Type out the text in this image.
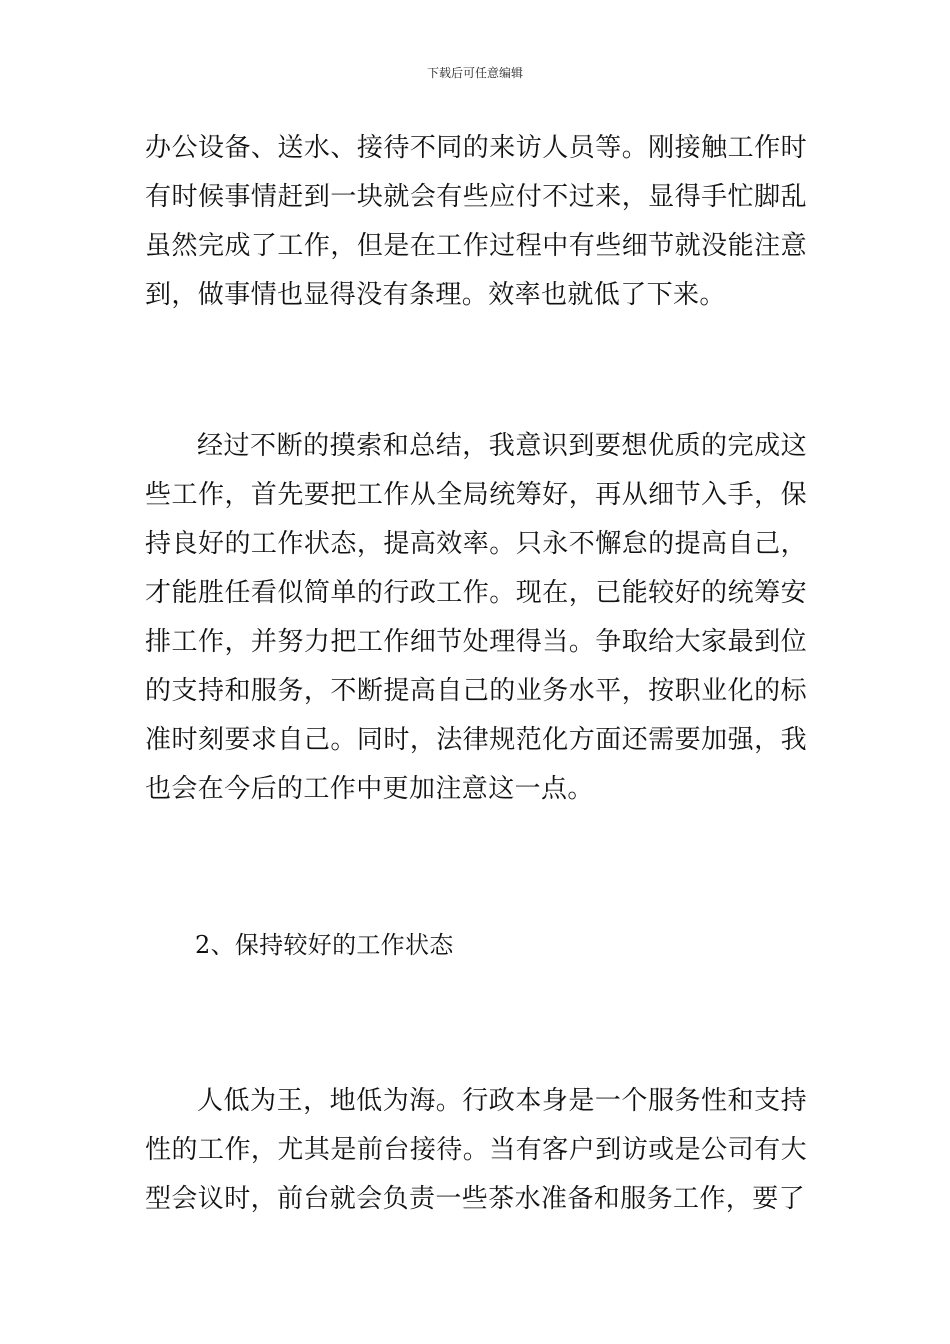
下载后可任意编辑

办公设备、送水、接待不同的来访人员等。刚接触工作时有时候事情赶到一块就会有些应付不过来，显得手忙脚乱虽然完成了工作，但是在工作过程中有些细节就没能注意到，做事情也显得没有条理。效率也就低了下来。

经过不断的摸索和总结，我意识到要想优质的完成这些工作，首先要把工作从全局统筹好，再从细节入手，保持良好的工作状态，提高效率。只永不懈怠的提高自己，才能胜任看似简单的行政工作。现在，已能较好的统筹安排工作，并努力把工作细节处理得当。争取给大家最到位的支持和服务，不断提高自己的业务水平，按职业化的标准时刻要求自己。同时，法律规范化方面还需要加强，我也会在今后的工作中更加注意这一点。

2、保持较好的工作状态

人低为王，地低为海。行政本身是一个服务性和支持性的工作，尤其是前台接待。当有客户到访或是公司有大型会议时，前台就会负责一些茶水准备和服务工作，要了
